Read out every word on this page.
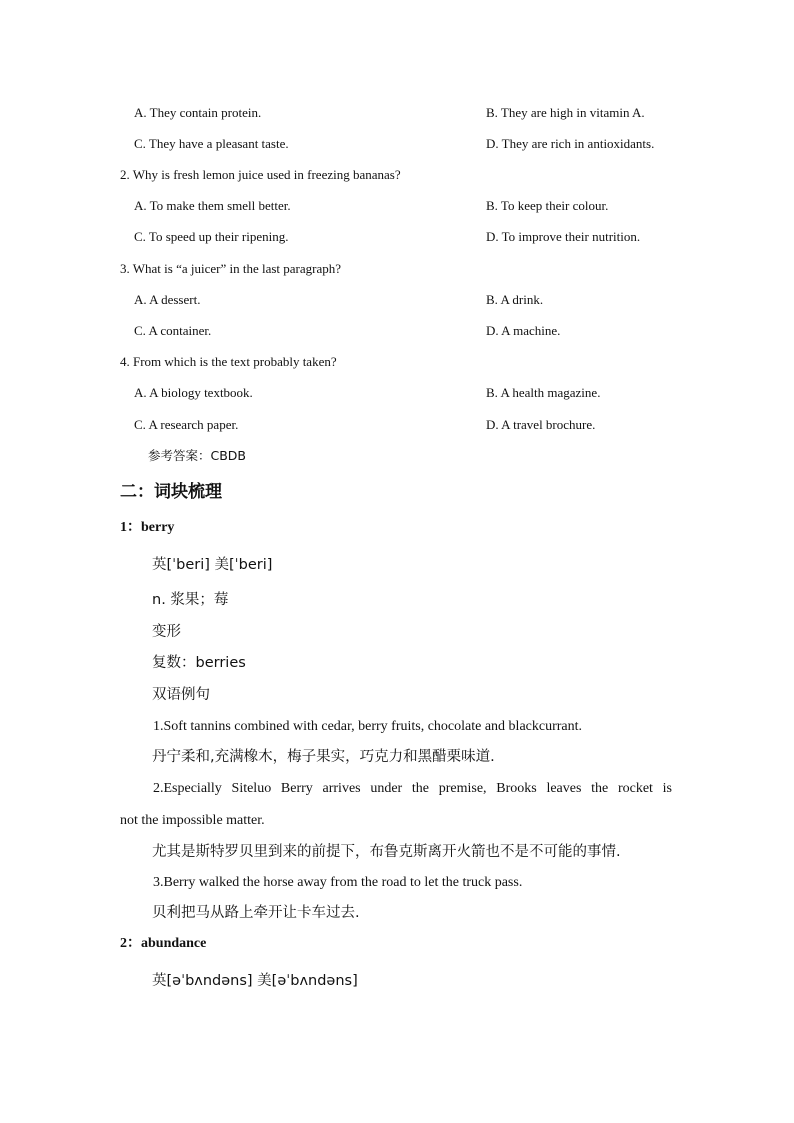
A. They contain protein.	B. They are high in vitamin A.
C. They have a pleasant taste.	D. They are rich in antioxidants.
2. Why is fresh lemon juice used in freezing bananas?
A. To make them smell better.	B. To keep their colour.
C. To speed up their ripening.	D. To improve their nutrition.
3. What is “a juicer” in the last paragraph?
A. A dessert.	B. A drink.
C. A container.	D. A machine.
4. From which is the text probably taken?
A. A biology textbook.	B. A health magazine.
C. A research paper.	D. A travel brochure.
参考答案：CBDB
二：词块梳理
1：berry
英[ˈberi] 美[ˈberi]
n. 浆果；莓
变形
复数：berries
双语例句
1.Soft tannins combined with cedar, berry fruits, chocolate and blackcurrant.
丹宁柔和,充满橡木，梅子果实，巧克力和黑醋栗味道.
2.Especially Siteluo Berry arrives under the premise, Brooks leaves the rocket is
not the impossible matter.
尤其是斯特罗贝里到来的前提下，布鲁克斯离开火箭也不是不可能的事情.
3.Berry walked the horse away from the road to let the truck pass.
贝利把马从路上牵开让卡车过去.
2：abundance
英[əˈbʌndəns] 美[əˈbʌndəns]
